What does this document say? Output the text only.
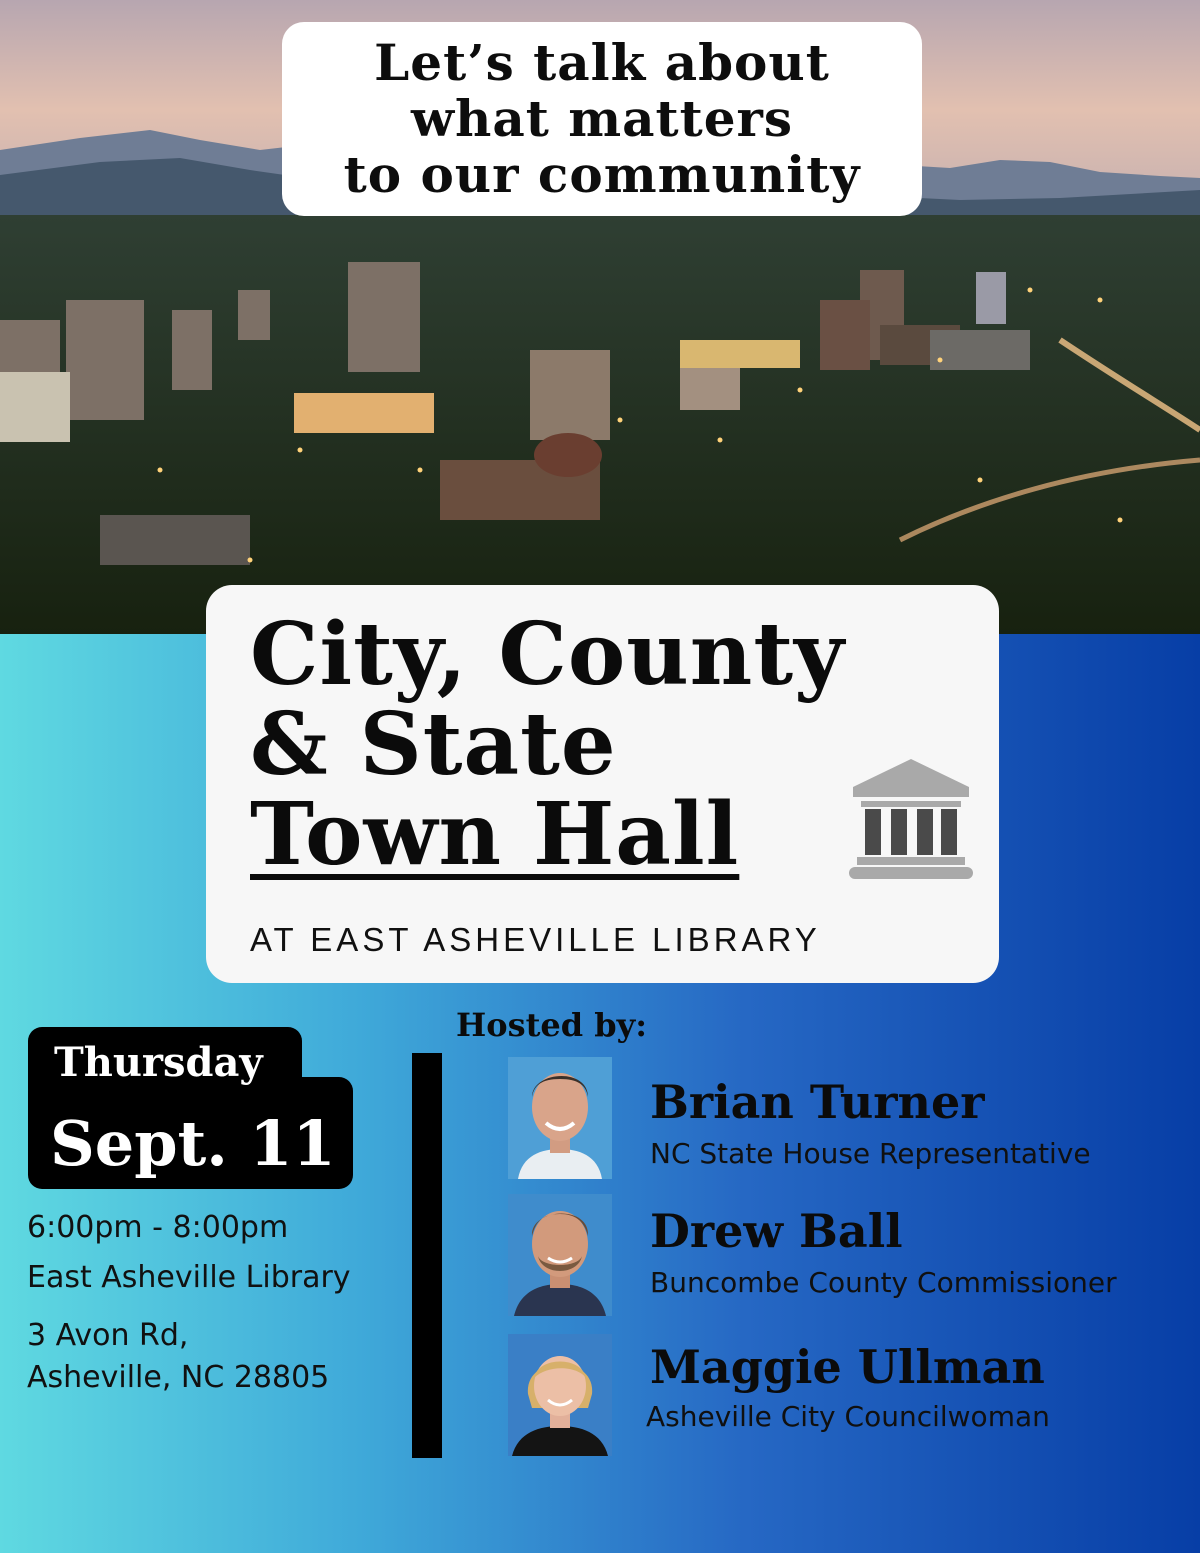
Let’s talk about
what matters
to our community
City, County
& State
Town Hall
AT EAST ASHEVILLE LIBRARY
Sept. 11
Thursday
6:00pm - 8:00pm
East Asheville Library
3 Avon Rd,
Asheville, NC 28805
Hosted by:
Brian Turner
NC State House Representative
Drew Ball
Buncombe County Commissioner
Maggie Ullman
Asheville City Councilwoman
